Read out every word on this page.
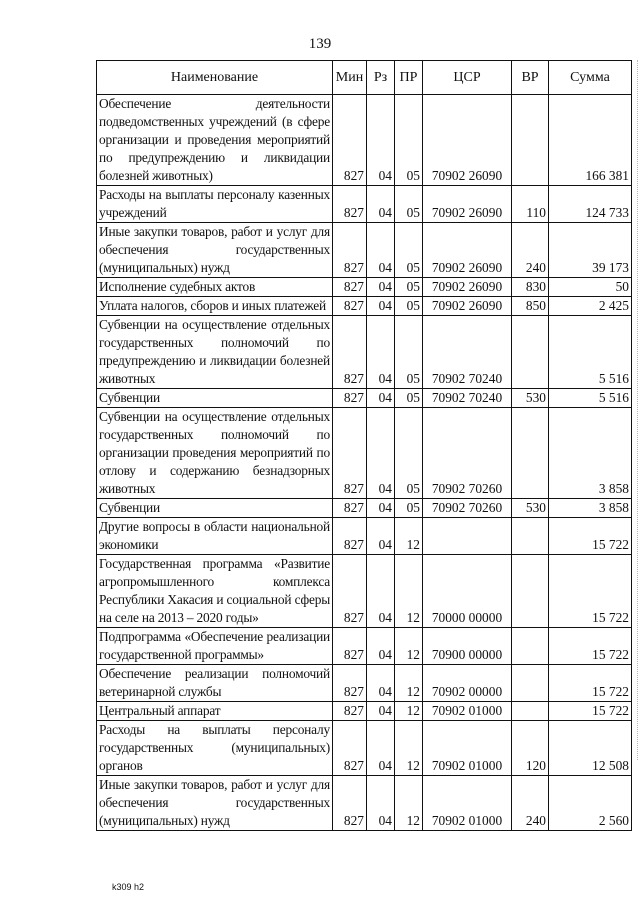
139
Наименование	Мин	Рз	ПР	ЦСР	ВР	Сумма
Обеспечение деятельности подведомственных учреждений (в сфере организации и проведения мероприятий по предупреждению и ликвидации болезней животных)	827	04	05	70902 26090		166 381
Расходы на выплаты персоналу казенных учреждений	827	04	05	70902 26090	110	124 733
Иные закупки товаров, работ и услуг для обеспечения государственных (муниципальных) нужд	827	04	05	70902 26090	240	39 173
Исполнение судебных актов	827	04	05	70902 26090	830	50
Уплата налогов, сборов и иных платежей	827	04	05	70902 26090	850	2 425
Субвенции на осуществление отдельных государственных полномочий по предупреждению и ликвидации болезней животных	827	04	05	70902 70240		5 516
Субвенции	827	04	05	70902 70240	530	5 516
Субвенции на осуществление отдельных государственных полномочий по организации проведения мероприятий по отлову и содержанию безнадзорных животных	827	04	05	70902 70260		3 858
Субвенции	827	04	05	70902 70260	530	3 858
Другие вопросы в области национальной экономики	827	04	12			15 722
Государственная программа «Развитие агропромышленного комплекса Республики Хакасия и социальной сферы на селе на 2013 – 2020 годы»	827	04	12	70000 00000		15 722
Подпрограмма «Обеспечение реализации государственной программы»	827	04	12	70900 00000		15 722
Обеспечение реализации полномочий ветеринарной службы	827	04	12	70902 00000		15 722
Центральный аппарат	827	04	12	70902 01000		15 722
Расходы на выплаты персоналу государственных (муниципальных) органов	827	04	12	70902 01000	120	12 508
Иные закупки товаров, работ и услуг для обеспечения государственных (муниципальных) нужд	827	04	12	70902 01000	240	2 560
k309 h2
